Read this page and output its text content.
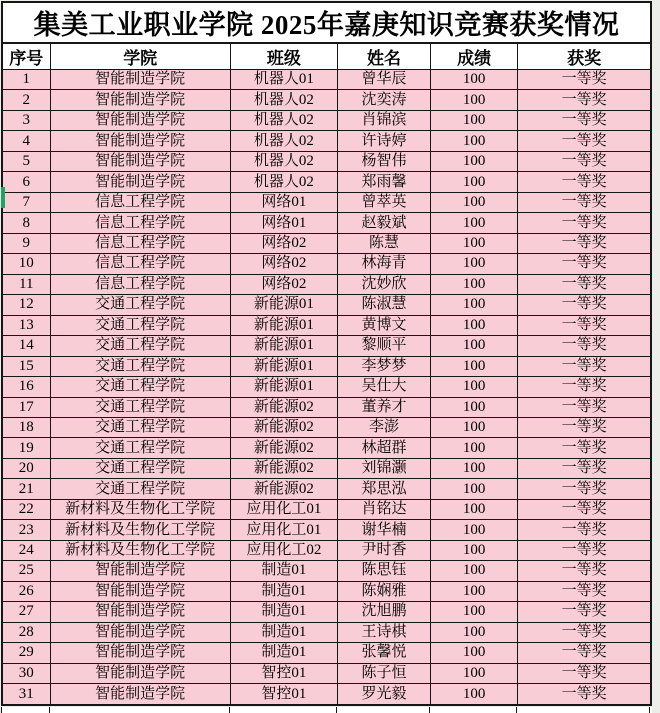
集美工业职业学院 2025年嘉庚知识竞赛获奖情况					
序号	学院	班级	姓名	成绩	获奖
1	智能制造学院	机器人01	曾华辰	100	一等奖
2	智能制造学院	机器人02	沈奕涛	100	一等奖
3	智能制造学院	机器人02	肖锦滨	100	一等奖
4	智能制造学院	机器人02	许诗婷	100	一等奖
5	智能制造学院	机器人02	杨智伟	100	一等奖
6	智能制造学院	机器人02	郑雨馨	100	一等奖
7	信息工程学院	网络01	曾萃英	100	一等奖
8	信息工程学院	网络01	赵毅斌	100	一等奖
9	信息工程学院	网络02	陈慧	100	一等奖
10	信息工程学院	网络02	林海青	100	一等奖
11	信息工程学院	网络02	沈妙欣	100	一等奖
12	交通工程学院	新能源01	陈淑慧	100	一等奖
13	交通工程学院	新能源01	黄博文	100	一等奖
14	交通工程学院	新能源01	黎顺平	100	一等奖
15	交通工程学院	新能源01	李梦梦	100	一等奖
16	交通工程学院	新能源01	吴仕大	100	一等奖
17	交通工程学院	新能源02	董养才	100	一等奖
18	交通工程学院	新能源02	李澎	100	一等奖
19	交通工程学院	新能源02	林超群	100	一等奖
20	交通工程学院	新能源02	刘锦灏	100	一等奖
21	交通工程学院	新能源02	郑思泓	100	一等奖
22	新材料及生物化工学院	应用化工01	肖铭达	100	一等奖
23	新材料及生物化工学院	应用化工01	谢华楠	100	一等奖
24	新材料及生物化工学院	应用化工02	尹时香	100	一等奖
25	智能制造学院	制造01	陈思钰	100	一等奖
26	智能制造学院	制造01	陈娴雅	100	一等奖
27	智能制造学院	制造01	沈旭鹏	100	一等奖
28	智能制造学院	制造01	王诗棋	100	一等奖
29	智能制造学院	制造01	张馨悦	100	一等奖
30	智能制造学院	智控01	陈子恒	100	一等奖
31	智能制造学院	智控01	罗光毅	100	一等奖
